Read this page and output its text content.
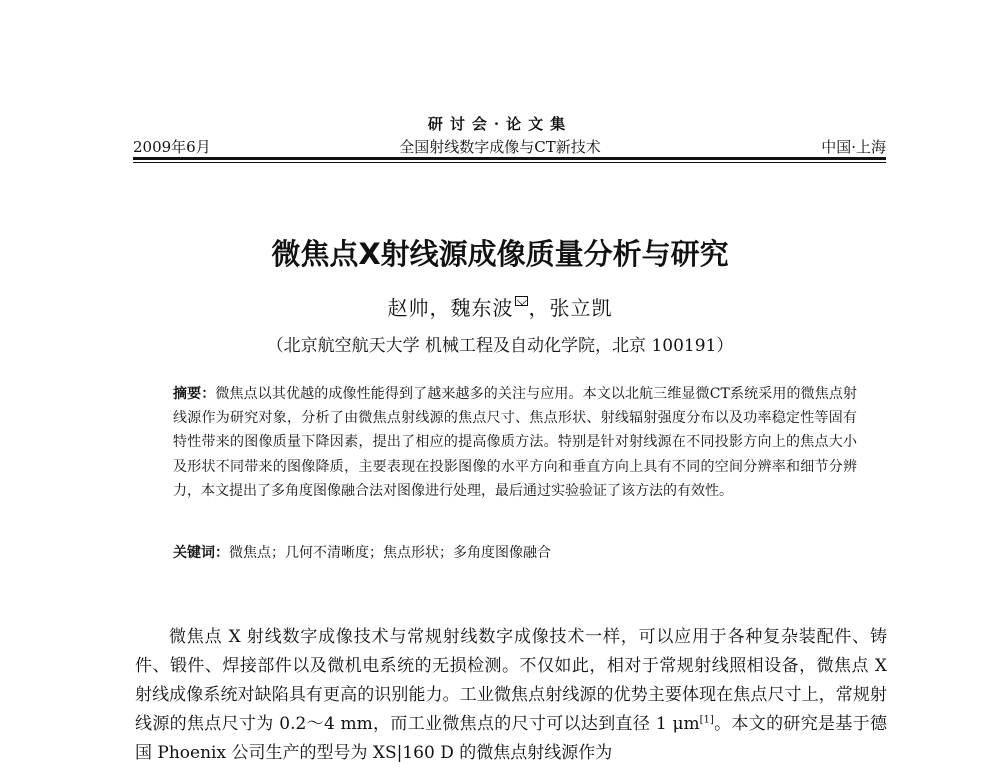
研讨会·论文集
2009年6月	全国射线数字成像与CT新技术	中国·上海
微焦点X射线源成像质量分析与研究
赵帅，魏东波 ，张立凯
（北京航空航天大学 机械工程及自动化学院，北京 100191）
摘要：微焦点以其优越的成像性能得到了越来越多的关注与应用。本文以北航三维显微CT系统采用的微焦点射线源作为研究对象，分析了由微焦点射线源的焦点尺寸、焦点形状、射线辐射强度分布以及功率稳定性等固有特性带来的图像质量下降因素，提出了相应的提高像质方法。特别是针对射线源在不同投影方向上的焦点大小及形状不同带来的图像降质，主要表现在投影图像的水平方向和垂直方向上具有不同的空间分辨率和细节分辨力，本文提出了多角度图像融合法对图像进行处理，最后通过实验验证了该方法的有效性。
关键词：微焦点；几何不清晰度；焦点形状；多角度图像融合

微焦点 X 射线数字成像技术与常规射线数字成像技术一样，可以应用于各种复杂装配件、铸件、锻件、焊接部件以及微机电系统的无损检测。不仅如此，相对于常规射线照相设备，微焦点 X 射线成像系统对缺陷具有更高的识别能力。工业微焦点射线源的优势主要体现在焦点尺寸上，常规射线源的焦点尺寸为 0.2～4 mm，而工业微焦点的尺寸可以达到直径 1 μm[1]。本文的研究是基于德国 Phoenix 公司生产的型号为 XS|160 D 的微焦点射线源作为
